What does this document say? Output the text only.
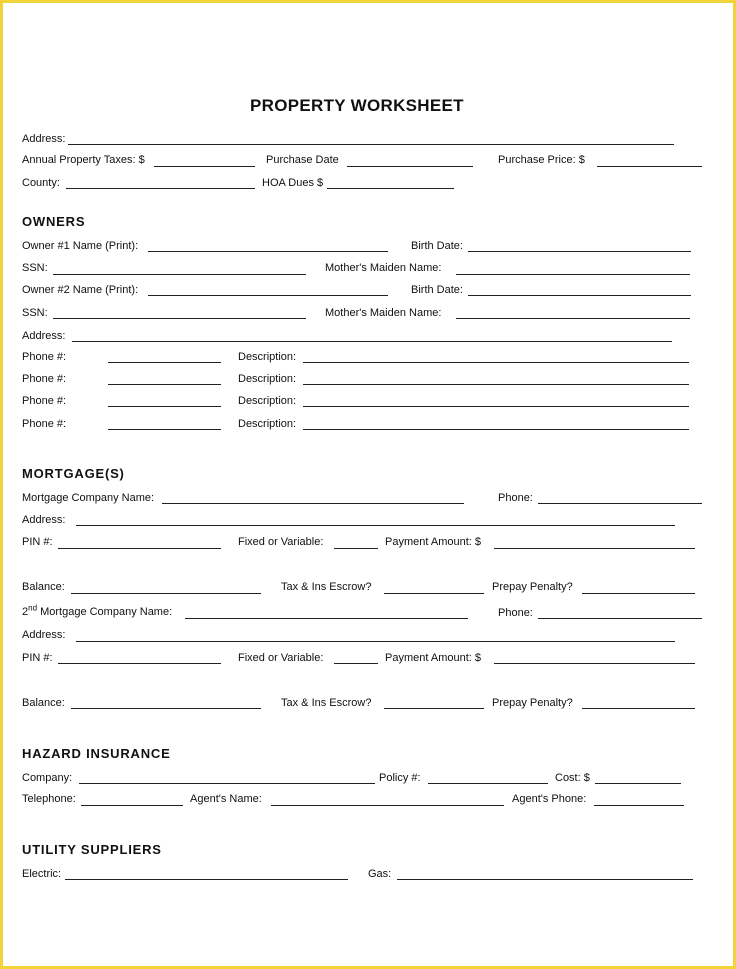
PROPERTY WORKSHEET
Address:
Annual Property Taxes: $	Purchase Date	Purchase Price: $
County:	HOA Dues $
OWNERS
Owner #1 Name (Print):	Birth Date:
SSN:	Mother's Maiden Name:
Owner #2 Name (Print):	Birth Date:
SSN:	Mother's Maiden Name:
Address:
Phone #:	Description:
Phone #:	Description:
Phone #:	Description:
Phone #:	Description:
MORTGAGE(S)
Mortgage Company Name:	Phone:
Address:
PIN #:	Fixed or Variable:	Payment Amount: $
Balance:	Tax & Ins Escrow?	Prepay Penalty?
2nd Mortgage Company Name:	Phone:
Address:
PIN #:	Fixed or Variable:	Payment Amount: $
Balance:	Tax & Ins Escrow?	Prepay Penalty?
HAZARD INSURANCE
Company:	Policy #:	Cost: $
Telephone:	Agent's Name:	Agent's Phone:
UTILITY SUPPLIERS
Electric:	Gas:
